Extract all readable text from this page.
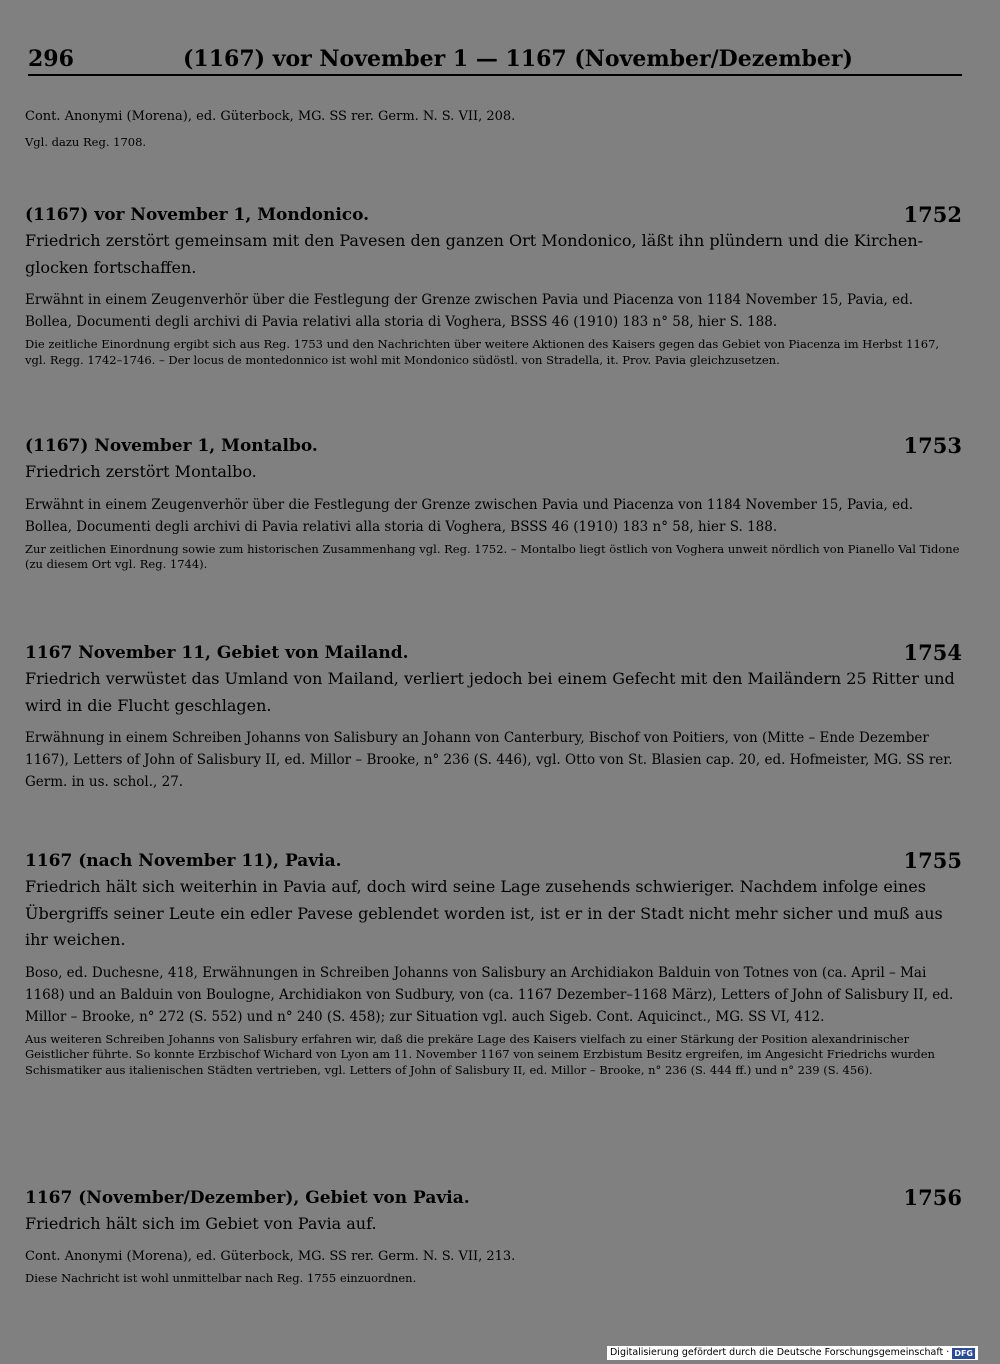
296	(1167) vor November 1 — 1167 (November/Dezember)

Cont. Anonymi (Morena), ed. Güterbock, MG. SS rer. Germ. N. S. VII, 208.

Vgl. dazu Reg. 1708.

(1167) vor November 1, Mondonico.	1752

Friedrich zerstört gemeinsam mit den Pavesen den ganzen Ort Mondonico, läßt ihn plündern und die Kirchen- glocken fortschaffen.

Erwähnt in einem Zeugenverhör über die Festlegung der Grenze zwischen Pavia und Piacenza von 1184 November 15, Pavia, ed. Bollea, Documenti degli archivi di Pavia relativi alla storia di Voghera, BSSS 46 (1910) 183 n° 58, hier S. 188.

Die zeitliche Einordnung ergibt sich aus Reg. 1753 und den Nachrichten über weitere Aktionen des Kaisers gegen das Gebiet von Piacenza im Herbst 1167, vgl. Regg. 1742–1746. – Der locus de montedonnico ist wohl mit Mondonico südöstl. von Stradella, it. Prov. Pavia gleichzusetzen.

(1167) November 1, Montalbo.	1753

Friedrich zerstört Montalbo.

Erwähnt in einem Zeugenverhör über die Festlegung der Grenze zwischen Pavia und Piacenza von 1184 November 15, Pavia, ed. Bollea, Documenti degli archivi di Pavia relativi alla storia di Voghera, BSSS 46 (1910) 183 n° 58, hier S. 188.

Zur zeitlichen Einordnung sowie zum historischen Zusammenhang vgl. Reg. 1752. – Montalbo liegt östlich von Voghera unweit nördlich von Pianello Val Tidone (zu diesem Ort vgl. Reg. 1744).

1167 November 11, Gebiet von Mailand.	1754

Friedrich verwüstet das Umland von Mailand, verliert jedoch bei einem Gefecht mit den Mailändern 25 Ritter und wird in die Flucht geschlagen.

Erwähnung in einem Schreiben Johanns von Salisbury an Johann von Canterbury, Bischof von Poitiers, von (Mitte – Ende Dezember 1167), Letters of John of Salisbury II, ed. Millor – Brooke, n° 236 (S. 446), vgl. Otto von St. Blasien cap. 20, ed. Hofmeister, MG. SS rer. Germ. in us. schol., 27.

1167 (nach November 11), Pavia.	1755

Friedrich hält sich weiterhin in Pavia auf, doch wird seine Lage zusehends schwieriger. Nachdem infolge eines Übergriffs seiner Leute ein edler Pavese geblendet worden ist, ist er in der Stadt nicht mehr sicher und muß aus ihr weichen.

Boso, ed. Duchesne, 418, Erwähnungen in Schreiben Johanns von Salisbury an Archidiakon Balduin von Totnes von (ca. April – Mai 1168) und an Balduin von Boulogne, Archidiakon von Sudbury, von (ca. 1167 Dezember–1168 März), Letters of John of Salisbury II, ed. Millor – Brooke, n° 272 (S. 552) und n° 240 (S. 458); zur Situation vgl. auch Sigeb. Cont. Aquicinct., MG. SS VI, 412.

Aus weiteren Schreiben Johanns von Salisbury erfahren wir, daß die prekäre Lage des Kaisers vielfach zu einer Stärkung der Position alexandrinischer Geistlicher führte. So konnte Erzbischof Wichard von Lyon am 11. November 1167 von seinem Erzbistum Besitz ergreifen, im Angesicht Friedrichs wurden Schismatiker aus italienischen Städten vertrieben, vgl. Letters of John of Salisbury II, ed. Millor – Brooke, n° 236 (S. 444 ff.) und n° 239 (S. 456).

1167 (November/Dezember), Gebiet von Pavia.	1756

Friedrich hält sich im Gebiet von Pavia auf.

Cont. Anonymi (Morena), ed. Güterbock, MG. SS rer. Germ. N. S. VII, 213.

Diese Nachricht ist wohl unmittelbar nach Reg. 1755 einzuordnen.

Digitalisierung gefördert durch die Deutsche Forschungsgemeinschaft · DFG
